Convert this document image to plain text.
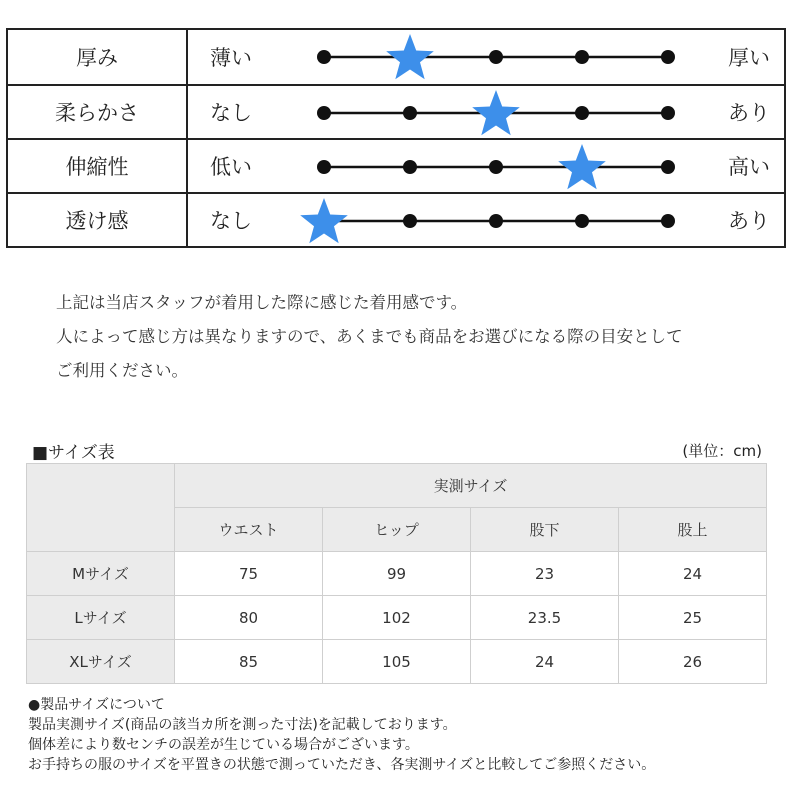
厚み	薄い	厚い
柔らかさ	なし	あり
伸縮性	低い	高い
透け感	なし	あり
上記は当店スタッフが着用した際に感じた着用感です。
人によって感じ方は異なりますので、あくまでも商品をお選びになる際の目安として
ご利用ください。
■サイズ表	(単位：cm)
	実測サイズ			
	ウエスト	ヒップ	股下	股上
Mサイズ	75	99	23	24
Lサイズ	80	102	23.5	25
XLサイズ	85	105	24	26
●製品サイズについて
製品実測サイズ(商品の該当カ所を測った寸法)を記載しております。
個体差により数センチの誤差が生じている場合がございます。
お手持ちの服のサイズを平置きの状態で測っていただき、各実測サイズと比較してご参照ください。
